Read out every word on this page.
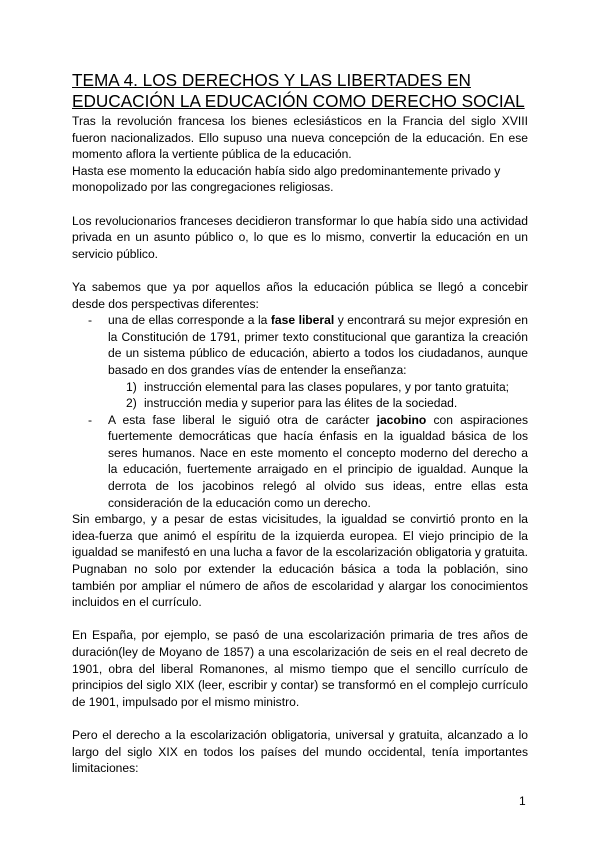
TEMA 4. LOS DERECHOS Y LAS LIBERTADES EN
EDUCACIÓN LA EDUCACIÓN COMO DERECHO SOCIAL

Tras la revolución francesa los bienes eclesiásticos en la Francia del siglo XVIII fueron nacionalizados. Ello supuso una nueva concepción de la educación. En ese momento aflora la vertiente pública de la educación.

Hasta ese momento la educación había sido algo predominantemente privado y monopolizado por las congregaciones religiosas.

Los revolucionarios franceses decidieron transformar lo que había sido una actividad privada en un asunto público o, lo que es lo mismo, convertir la educación en un servicio público.

Ya sabemos que ya por aquellos años la educación pública se llegó a concebir desde dos perspectivas diferentes:

- una de ellas corresponde a la fase liberal y encontrará su mejor expresión en la Constitución de 1791, primer texto constitucional que garantiza la creación de un sistema público de educación, abierto a todos los ciudadanos, aunque basado en dos grandes vías de entender la enseñanza:
1) instrucción elemental para las clases populares, y por tanto gratuita;
2) instrucción media y superior para las élites de la sociedad.
- A esta fase liberal le siguió otra de carácter jacobino con aspiraciones fuertemente democráticas que hacía énfasis en la igualdad básica de los seres humanos. Nace en este momento el concepto moderno del derecho a la educación, fuertemente arraigado en el principio de igualdad. Aunque la derrota de los jacobinos relegó al olvido sus ideas, entre ellas esta consideración de la educación como un derecho.

Sin embargo, y a pesar de estas vicisitudes, la igualdad se convirtió pronto en la idea-fuerza que animó el espíritu de la izquierda europea. El viejo principio de la igualdad se manifestó en una lucha a favor de la escolarización obligatoria y gratuita. Pugnaban no solo por extender la educación básica a toda la población, sino también por ampliar el número de años de escolaridad y alargar los conocimientos incluidos en el currículo.

En España, por ejemplo, se pasó de una escolarización primaria de tres años de duración(ley de Moyano de 1857) a una escolarización de seis en el real decreto de 1901, obra del liberal Romanones, al mismo tiempo que el sencillo currículo de principios del siglo XIX (leer, escribir y contar) se transformó en el complejo currículo de 1901, impulsado por el mismo ministro.

Pero el derecho a la escolarización obligatoria, universal y gratuita, alcanzado a lo largo del siglo XIX en todos los países del mundo occidental, tenía importantes limitaciones:

1
